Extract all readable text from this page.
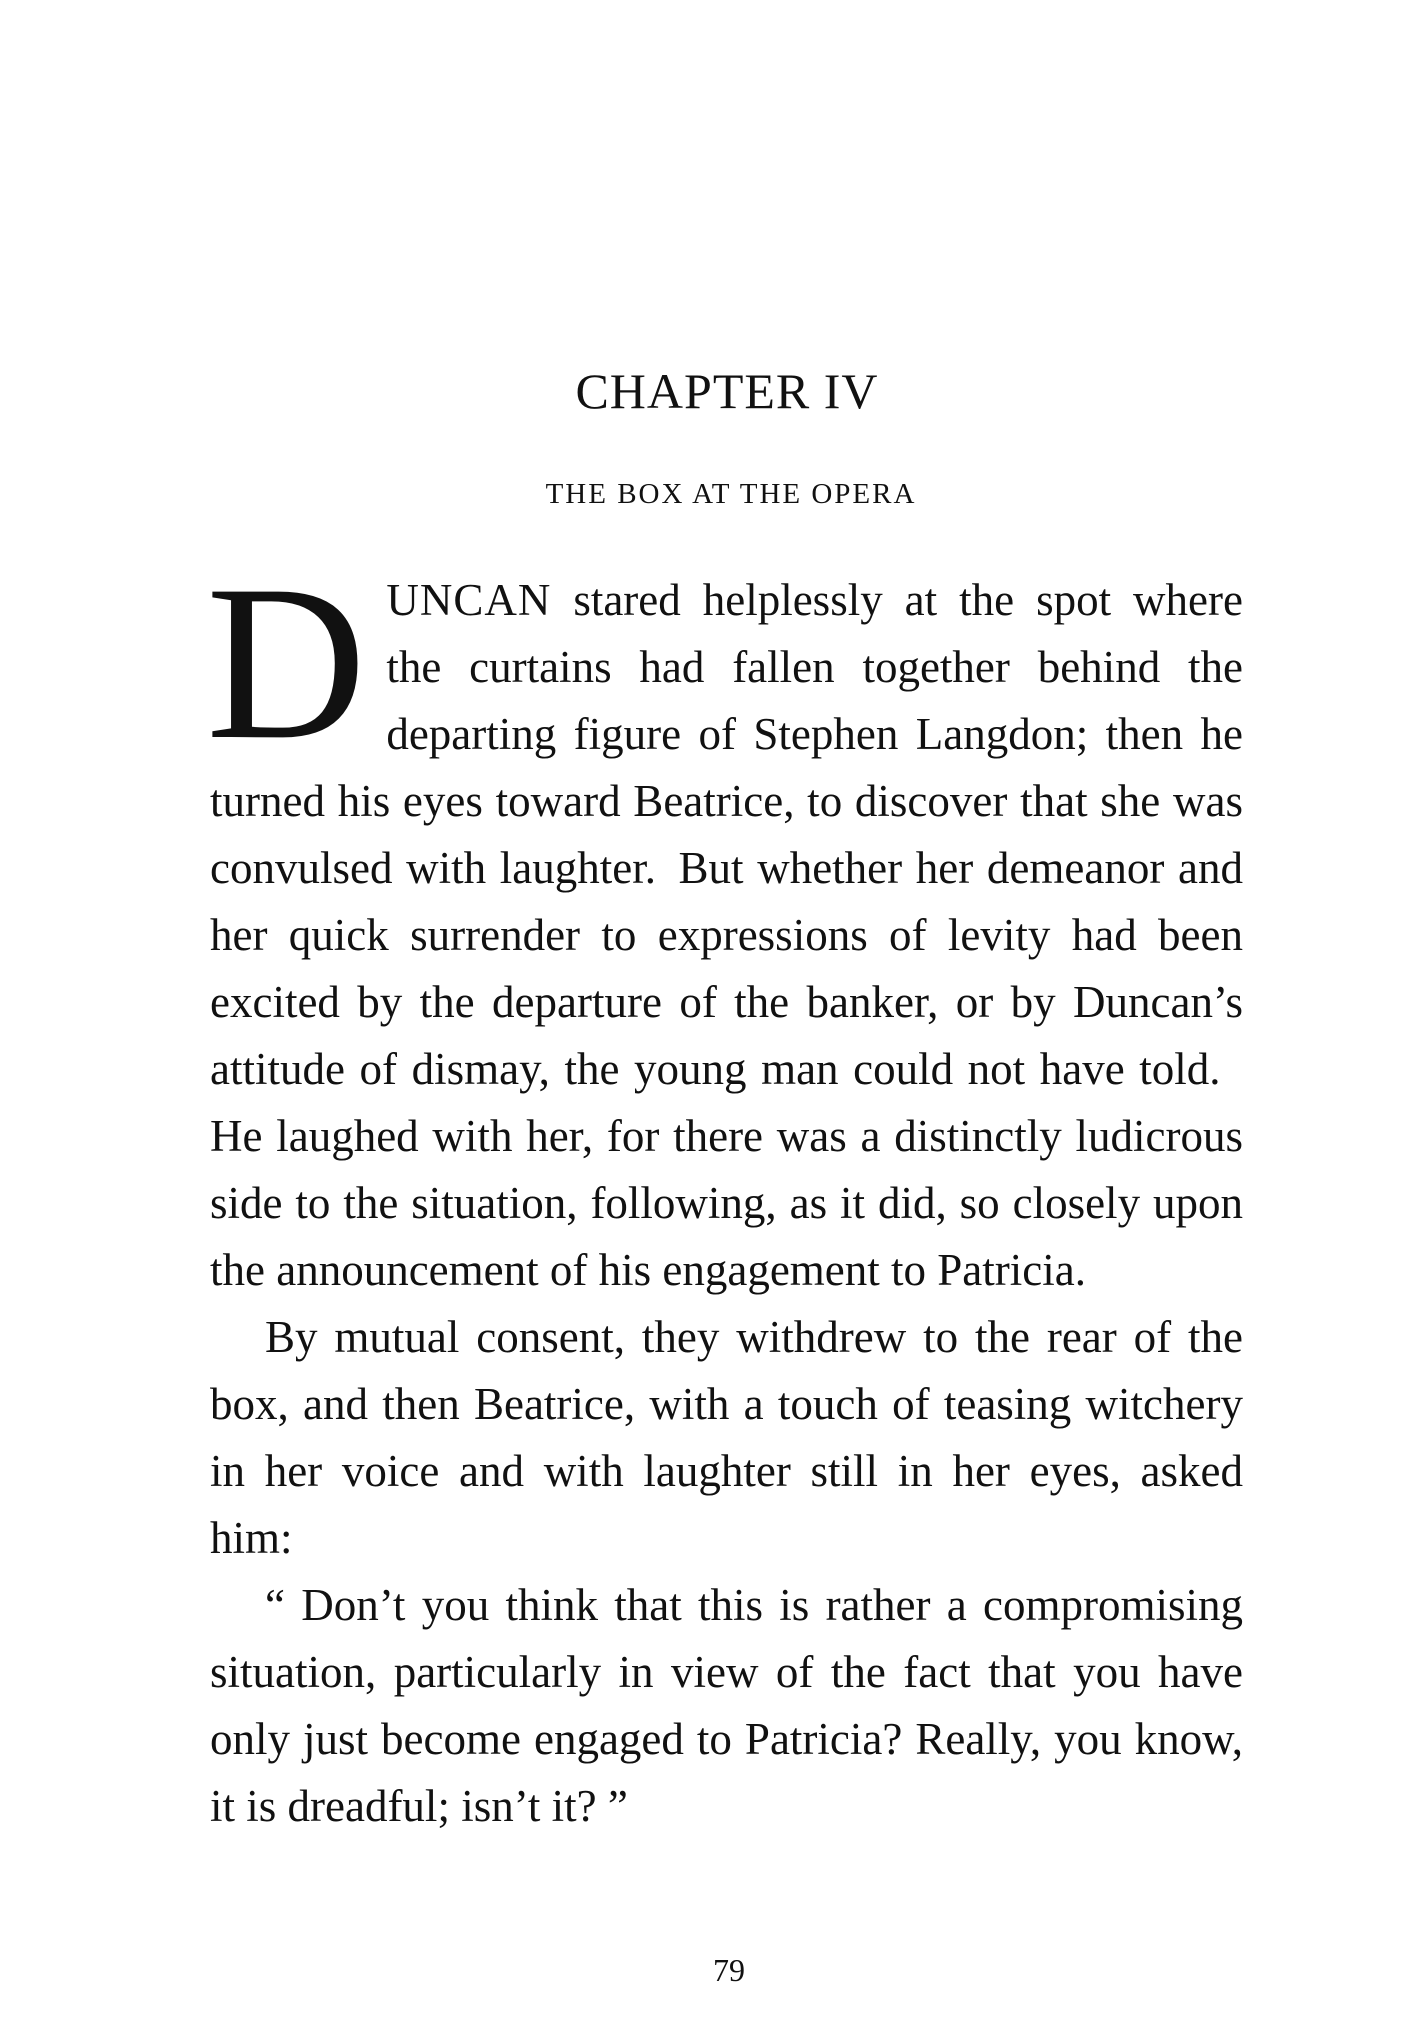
CHAPTER IV
THE BOX AT THE OPERA

DUNCAN stared helplessly at the spot where the curtains had fallen together behind the departing figure of Stephen Langdon; then he turned his eyes toward Beatrice, to discover that she was convulsed with laughter. But whether her demeanor and her quick surrender to expressions of levity had been excited by the departure of the banker, or by Duncan’s attitude of dismay, the young man could not have told. He laughed with her, for there was a distinctly ludicrous side to the situation, following, as it did, so closely upon the announcement of his engagement to Patricia.

By mutual consent, they withdrew to the rear of the box, and then Beatrice, with a touch of teasing witchery in her voice and with laughter still in her eyes, asked him:

“ Don’t you think that this is rather a compromising situation, particularly in view of the fact that you have only just become engaged to Patricia? Really, you know, it is dreadful; isn’t it? ”

79
